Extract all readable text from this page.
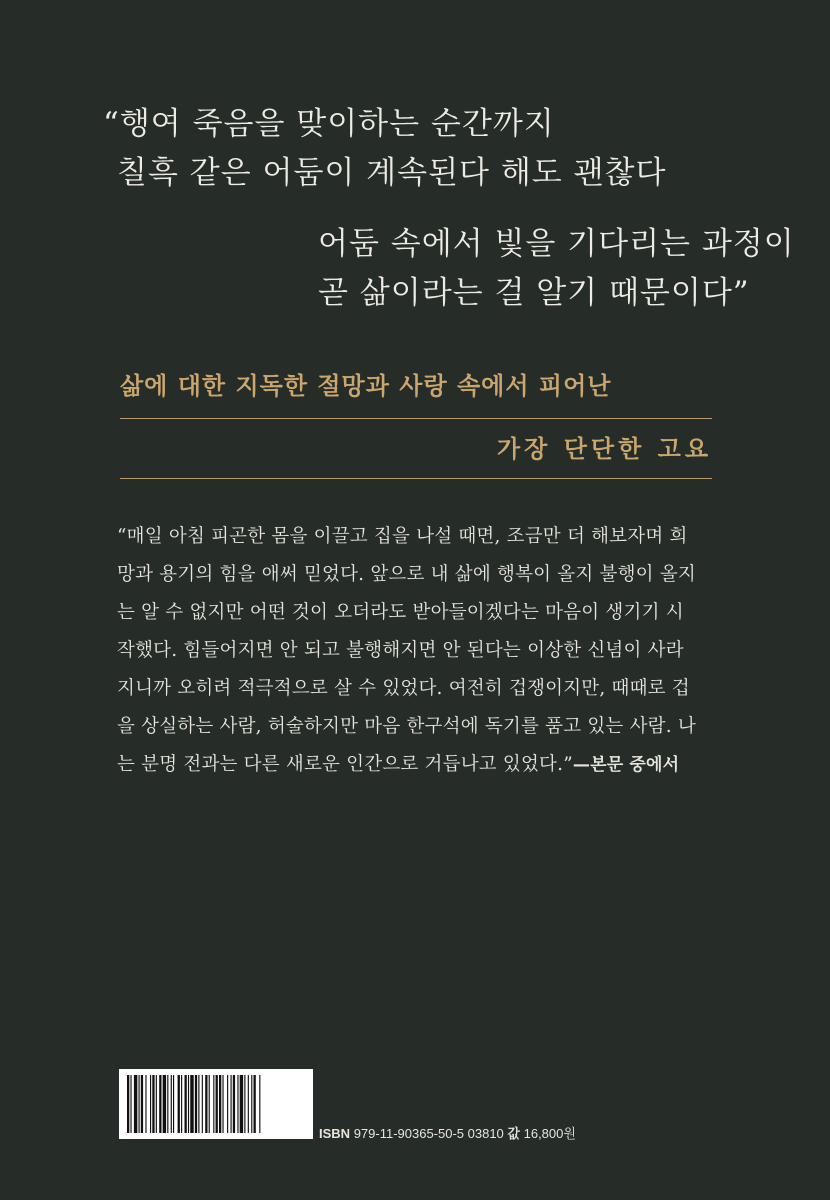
“행여 죽음을 맞이하는 순간까지
칠흑 같은 어둠이 계속된다 해도 괜찮다
어둠 속에서 빛을 기다리는 과정이
곧 삶이라는 걸 알기 때문이다”
삶에 대한 지독한 절망과 사랑 속에서 피어난
가장 단단한 고요
“매일 아침 피곤한 몸을 이끌고 집을 나설 때면, 조금만 더 해보자며 희
망과 용기의 힘을 애써 믿었다. 앞으로 내 삶에 행복이 올지 불행이 올지
는 알 수 없지만 어떤 것이 오더라도 받아들이겠다는 마음이 생기기 시
작했다. 힘들어지면 안 되고 불행해지면 안 된다는 이상한 신념이 사라
지니까 오히려 적극적으로 살 수 있었다. 여전히 겁쟁이지만, 때때로 겁
을 상실하는 사람, 허술하지만 마음 한구석에 독기를 품고 있는 사람. 나
는 분명 전과는 다른 새로운 인간으로 거듭나고 있었다.”—본문 중에서
ISBN 979-11-90365-50-5 03810 값 16,800원
